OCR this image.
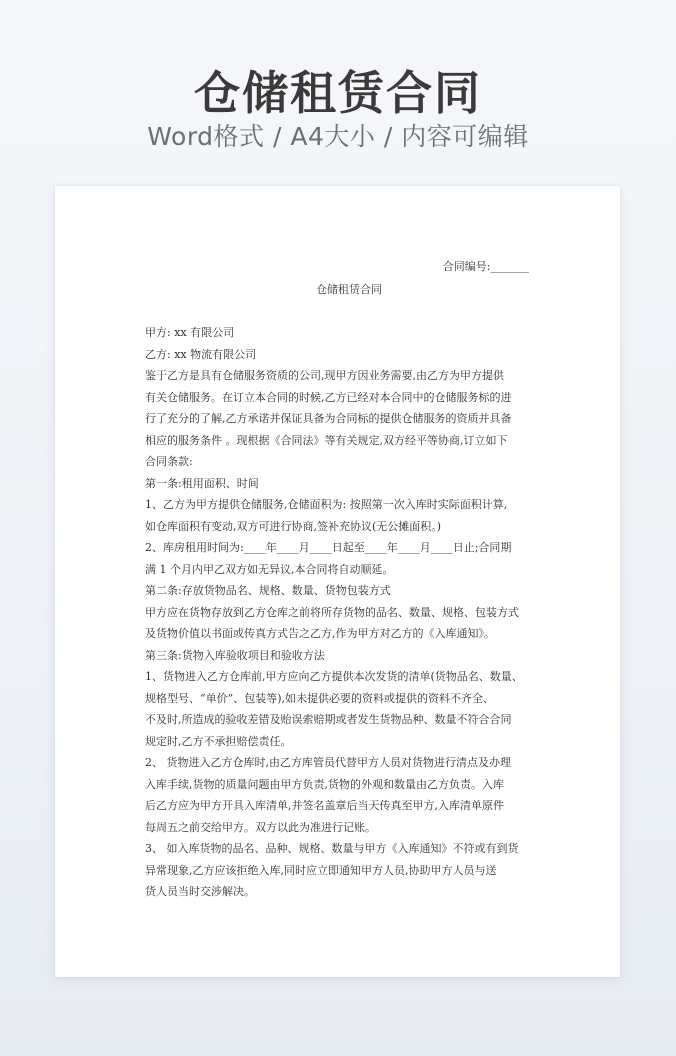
仓储租赁合同
Word格式 / A4大小 / 内容可编辑
合同编号:_______
仓储租赁合同
甲方: xx 有限公司
乙方: xx 物流有限公司
鉴于乙方是具有仓储服务资质的公司,现甲方因业务需要,由乙方为甲方提供
有关仓储服务。在订立本合同的时候,乙方已经对本合同中的仓储服务标的进
行了充分的了解,乙方承诺并保证具备为合同标的提供仓储服务的资质并具备
相应的服务条件 。现根据《合同法》等有关规定,双方经平等协商,订立如下
合同条款:
第一条:租用面积、时间
1、乙方为甲方提供仓储服务,仓储面积为: 按照第一次入库时实际面积计算,
如仓库面积有变动,双方可进行协商,签补充协议(无公摊面积。)
2、库房租用时间为:____年____月____日起至____年____月____日止;合同期
满 1 个月内甲乙双方如无异议,本合同将自动顺延。
第二条:存放货物品名、规格、数量、货物包装方式
甲方应在货物存放到乙方仓库之前将所存货物的品名、数量、规格、包装方式
及货物价值以书面或传真方式告之乙方,作为甲方对乙方的《入库通知》。
第三条:货物入库验收项目和验收方法
1、货物进入乙方仓库前,甲方应向乙方提供本次发货的清单(货物品名、数量、
规格型号、“单价”、包装等),如未提供必要的资料或提供的资料不齐全、
不及时,所造成的验收差错及贻误索赔期或者发生货物品种、数量不符合合同
规定时,乙方不承担赔偿责任。
2、 货物进入乙方仓库时,由乙方库管员代替甲方人员对货物进行清点及办理
入库手续,货物的质量问题由甲方负责,货物的外观和数量由乙方负责。入库
后乙方应为甲方开具入库清单,并签名盖章后当天传真至甲方,入库清单原件
每周五之前交给甲方。双方以此为准进行记账。
3、 如入库货物的品名、品种、规格、数量与甲方《入库通知》不符或有到货
异常现象,乙方应该拒绝入库,同时应立即通知甲方人员,协助甲方人员与送
货人员当时交涉解决。
